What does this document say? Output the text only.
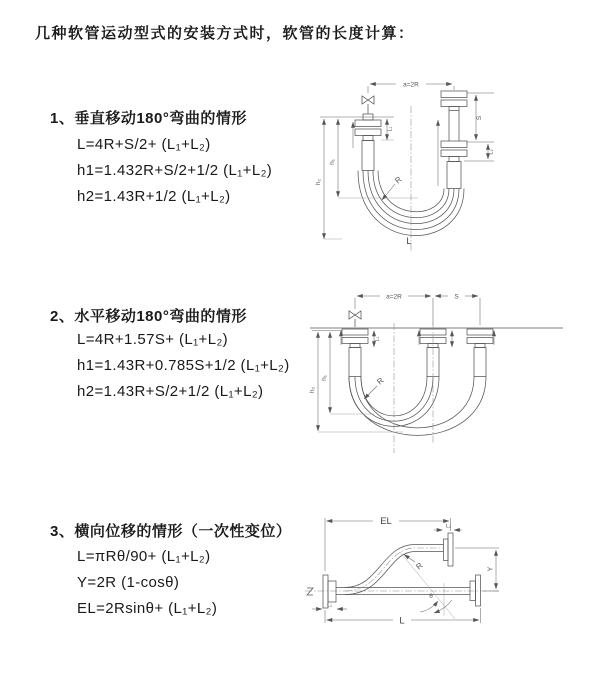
几种软管运动型式的安装方式时，软管的长度计算：
1、垂直移动180°弯曲的情形
L=4R+S/2+ (L₁+L₂)
h1=1.432R+S/2+1/2 (L₁+L₂)
h2=1.43R+1/2 (L₁+L₂)
2、水平移动180°弯曲的情形
L=4R+1.57S+ (L₁+L₂)
h1=1.43R+0.785S+1/2 (L₁+L₂)
h2=1.43R+S/2+1/2 (L₁+L₂)
3、横向位移的情形（一次性变位）
L=πRθ/90+ (L₁+L₂)
Y=2R (1-cosθ)
EL=2Rsinθ+ (L₁+L₂)
a=2R
h₁
h₂
L₁
S
L₂
R
L
a=2R	S
L₁
h₁
h₂
R
EL	L₂
Y
L
L₁
R
θ
